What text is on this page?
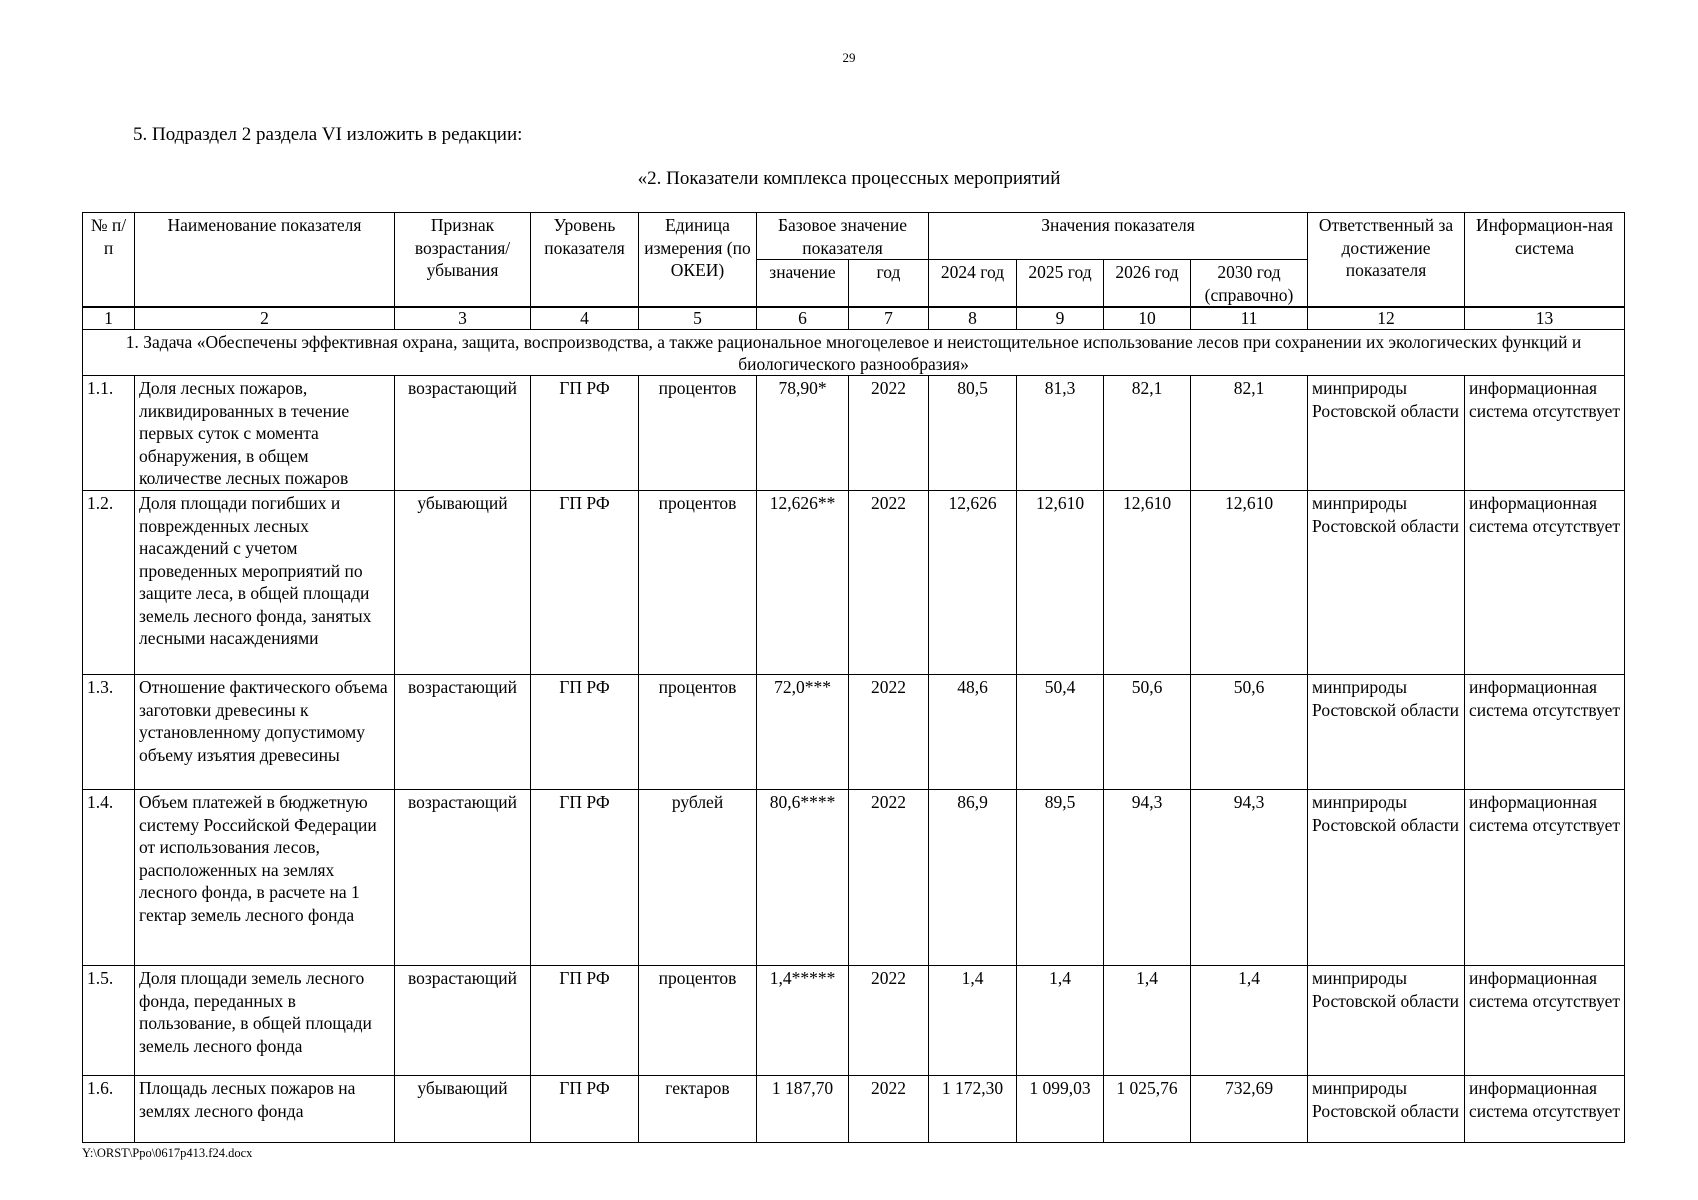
29
5. Подраздел 2 раздела VI изложить в редакции:
«2. Показатели комплекса процессных мероприятий
№ п/п	Наименование показателя	Признак возрастания/ убывания	Уровень показателя	Единица измерения (по ОКЕИ)	Базовое значение показателя		Значения показателя				Ответственный за достижение показателя	Информацион-ная система
					значение	год	2024 год	2025 год	2026 год	2030 год (справочно)		
1	2	3	4	5	6	7	8	9	10	11	12	13
1. Задача «Обеспечены эффективная охрана, защита, воспроизводства, а также рациональное многоцелевое и неистощительное использование лесов при сохранении их экологических функций и биологического разнообразия»												
1.1.	Доля лесных пожаров, ликвидированных в течение первых суток с момента обнаружения, в общем количестве лесных пожаров	возрастающий	ГП РФ	процентов	78,90*	2022	80,5	81,3	82,1	82,1	минприроды Ростовской области	информационная система отсутствует
1.2.	Доля площади погибших и поврежденных лесных насаждений с учетом проведенных мероприятий по защите леса, в общей площади земель лесного фонда, занятых лесными насаждениями	убывающий	ГП РФ	процентов	12,626**	2022	12,626	12,610	12,610	12,610	минприроды Ростовской области	информационная система отсутствует
1.3.	Отношение фактического объема заготовки древесины к установленному допустимому объему изъятия древесины	возрастающий	ГП РФ	процентов	72,0***	2022	48,6	50,4	50,6	50,6	минприроды Ростовской области	информационная система отсутствует
1.4.	Объем платежей в бюджетную систему Российской Федерации от использования лесов, расположенных на землях лесного фонда, в расчете на 1 гектар земель лесного фонда	возрастающий	ГП РФ	рублей	80,6****	2022	86,9	89,5	94,3	94,3	минприроды Ростовской области	информационная система отсутствует
1.5.	Доля площади земель лесного фонда, переданных в пользование, в общей площади земель лесного фонда	возрастающий	ГП РФ	процентов	1,4*****	2022	1,4	1,4	1,4	1,4	минприроды Ростовской области	информационная система отсутствует
1.6.	Площадь лесных пожаров на землях лесного фонда	убывающий	ГП РФ	гектаров	1 187,70	2022	1 172,30	1 099,03	1 025,76	732,69	минприроды Ростовской области	информационная система отсутствует
Y:\ORST\Ppo\0617p413.f24.docx
